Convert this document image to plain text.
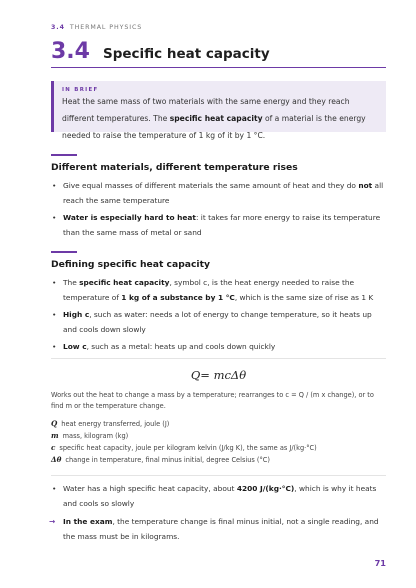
3.4 THERMAL PHYSICS
3.4 Specific heat capacity
IN BRIEF
Heat the same mass of two materials with the same energy and they reach different temperatures. The specific heat capacity of a material is the energy needed to raise the temperature of 1 kg of it by 1 °C.
Different materials, different temperature rises
• Give equal masses of different materials the same amount of heat and they do not all reach the same temperature
• Water is especially hard to heat: it takes far more energy to raise its temperature than the same mass of metal or sand
Defining specific heat capacity
• The specific heat capacity, symbol c, is the heat energy needed to raise the temperature of 1 kg of a substance by 1 °C, which is the same size of rise as 1 K
• High c, such as water: needs a lot of energy to change temperature, so it heats up and cools down slowly
• Low c, such as a metal: heats up and cools down quickly
Q= mcΔθ
Works out the heat to change a mass by a temperature; rearranges to c = Q / (m x change), or to find m or the temperature change.
Q heat energy transferred, joule (J)
m mass, kilogram (kg)
c specific heat capacity, joule per kilogram kelvin (J/kg K), the same as J/(kg·°C)
Δθ change in temperature, final minus initial, degree Celsius (°C)
• Water has a high specific heat capacity, about 4200 J/(kg·°C), which is why it heats and cools so slowly
→ In the exam, the temperature change is final minus initial, not a single reading, and the mass must be in kilograms.
71
